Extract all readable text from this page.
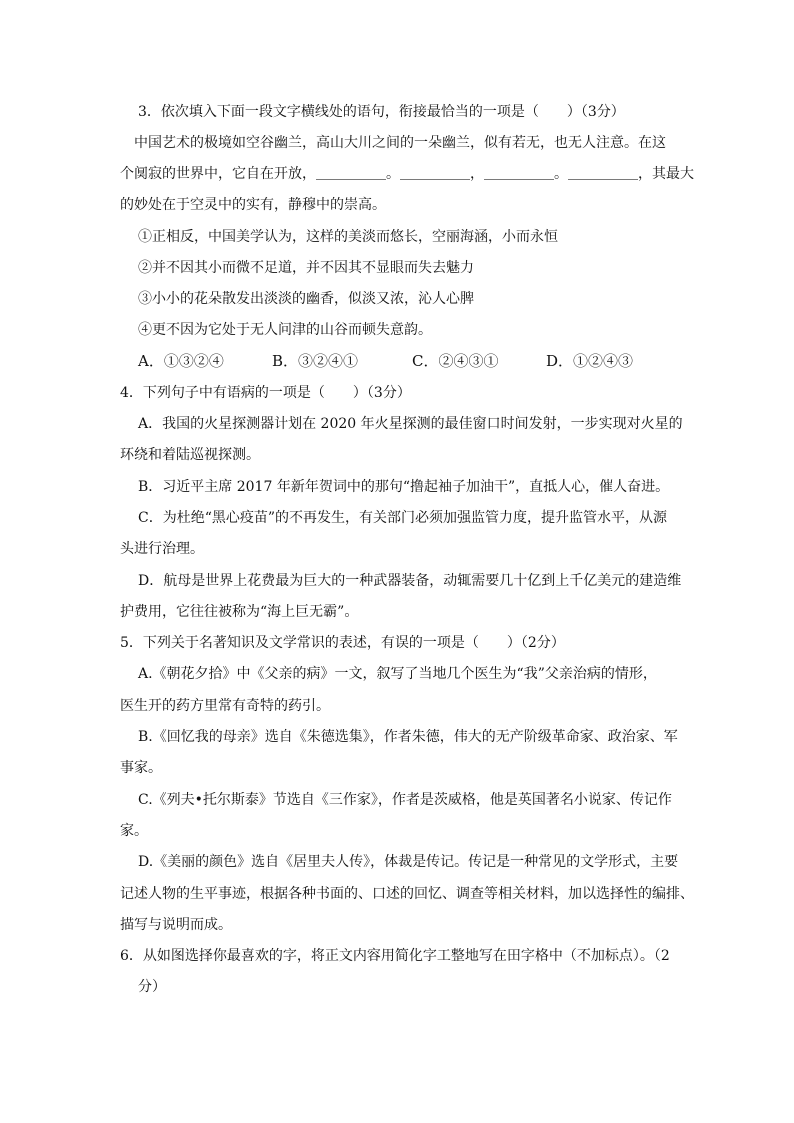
3．依次填入下面一段文字横线处的语句，衔接最恰当的一项是（　　）（3分）
　中国艺术的极境如空谷幽兰，高山大川之间的一朵幽兰，似有若无，也无人注意。在这
个阒寂的世界中，它自在开放，＿＿＿＿＿。＿＿＿＿＿，＿＿＿＿＿。＿＿＿＿＿，其最大
的妙处在于空灵中的实有，静穆中的崇高。
①正相反，中国美学认为，这样的美淡而悠长，空丽海涵，小而永恒
②并不因其小而微不足道，并不因其不显眼而失去魅力
③小小的花朵散发出淡淡的幽香，似淡又浓，沁人心脾
④更不因为它处于无人问津的山谷而顿失意韵。
A．①③②④	B．③②④①	C．②④③①	D．①②④③
4．下列句子中有语病的一项是（　　）（3分）
A．我国的火星探测器计划在 2020 年火星探测的最佳窗口时间发射，一步实现对火星的
环绕和着陆巡视探测。
B．习近平主席 2017 年新年贺词中的那句“撸起袖子加油干”，直抵人心，催人奋进。
C．为杜绝“黑心疫苗”的不再发生，有关部门必须加强监管力度，提升监管水平，从源
头进行治理。
D．航母是世界上花费最为巨大的一种武器装备，动辄需要几十亿到上千亿美元的建造维
护费用，它往往被称为“海上巨无霸”。
5．下列关于名著知识及文学常识的表述，有误的一项是（　　）（2分）
A.《朝花夕拾》中《父亲的病》一文，叙写了当地几个医生为“我”父亲治病的情形，
医生开的药方里常有奇特的药引。
B.《回忆我的母亲》选自《朱德选集》，作者朱德，伟大的无产阶级革命家、政治家、军
事家。
C.《列夫•托尔斯泰》节选自《三作家》，作者是茨威格，他是英国著名小说家、传记作
家。
D.《美丽的颜色》选自《居里夫人传》，体裁是传记。传记是一种常见的文学形式，主要
记述人物的生平事迹，根据各种书面的、口述的回忆、调查等相关材料，加以选择性的编排、
描写与说明而成。
6．从如图选择你最喜欢的字，将正文内容用简化字工整地写在田字格中（不加标点）。（2
分）
